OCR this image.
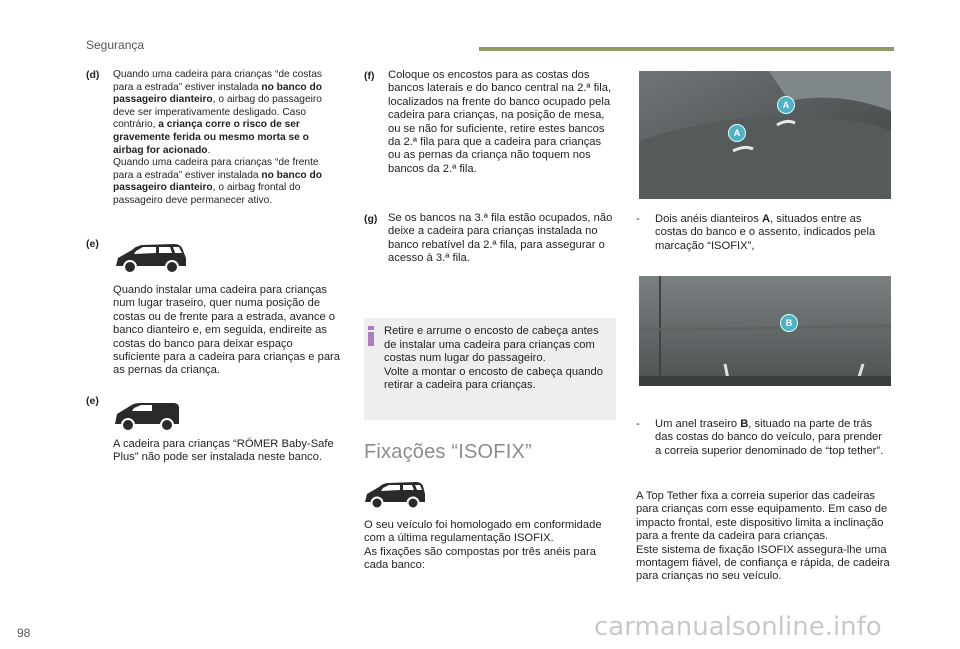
Segurança
(d) Quando uma cadeira para crianças “de costas para a estrada” estiver instalada no banco do passageiro dianteiro, o airbag do passageiro deve ser imperativamente desligado. Caso contrário, a criança corre o risco de ser gravemente ferida ou mesmo morta se o airbag for acionado.

Quando uma cadeira para crianças “de frente para a estrada” estiver instalada no banco do passageiro dianteiro, o airbag frontal do passageiro deve permanecer ativo.

(e)
Quando instalar uma cadeira para crianças num lugar traseiro, quer numa posição de costas ou de frente para a estrada, avance o banco dianteiro e, em seguida, endireite as costas do banco para deixar espaço suficiente para a cadeira para crianças e para as pernas da criança.
(e)
A cadeira para crianças “RÖMER Baby-Safe Plus” não pode ser instalada neste banco.
(f) Coloque os encostos para as costas dos bancos laterais e do banco central na 2.ª fila, localizados na frente do banco ocupado pela cadeira para crianças, na posição de mesa, ou se não for suficiente, retire estes bancos da 2.ª fila para que a cadeira para crianças ou as pernas da criança não toquem nos bancos da 2.ª fila.
(g) Se os bancos na 3.ª fila estão ocupados, não deixe a cadeira para crianças instalada no banco rebatível da 2.ª fila, para assegurar o acesso à 3.ª fila.

Retire e arrume o encosto de cabeça antes de instalar uma cadeira para crianças com costas num lugar do passageiro.

Volte a montar o encosto de cabeça quando retirar a cadeira para crianças.

Fixações “ISOFIX”

O seu veículo foi homologado em conformidade com a última regulamentação ISOFIX.

As fixações são compostas por três anéis para cada banco:

A
A
- Dois anéis dianteiros A, situados entre as costas do banco e o assento, indicados pela marcação “ISOFIX”,
B
- Um anel traseiro B, situado na parte de trás das costas do banco do veículo, para prender a correia superior denominado de “top tether”.

A Top Tether fixa a correia superior das cadeiras para crianças com esse equipamento. Em caso de impacto frontal, este dispositivo limita a inclinação para a frente da cadeira para crianças.

Este sistema de fixação ISOFIX assegura-lhe uma montagem fiável, de confiança e rápida, de cadeira para crianças no seu veículo.

98	carmanualsonline.info
